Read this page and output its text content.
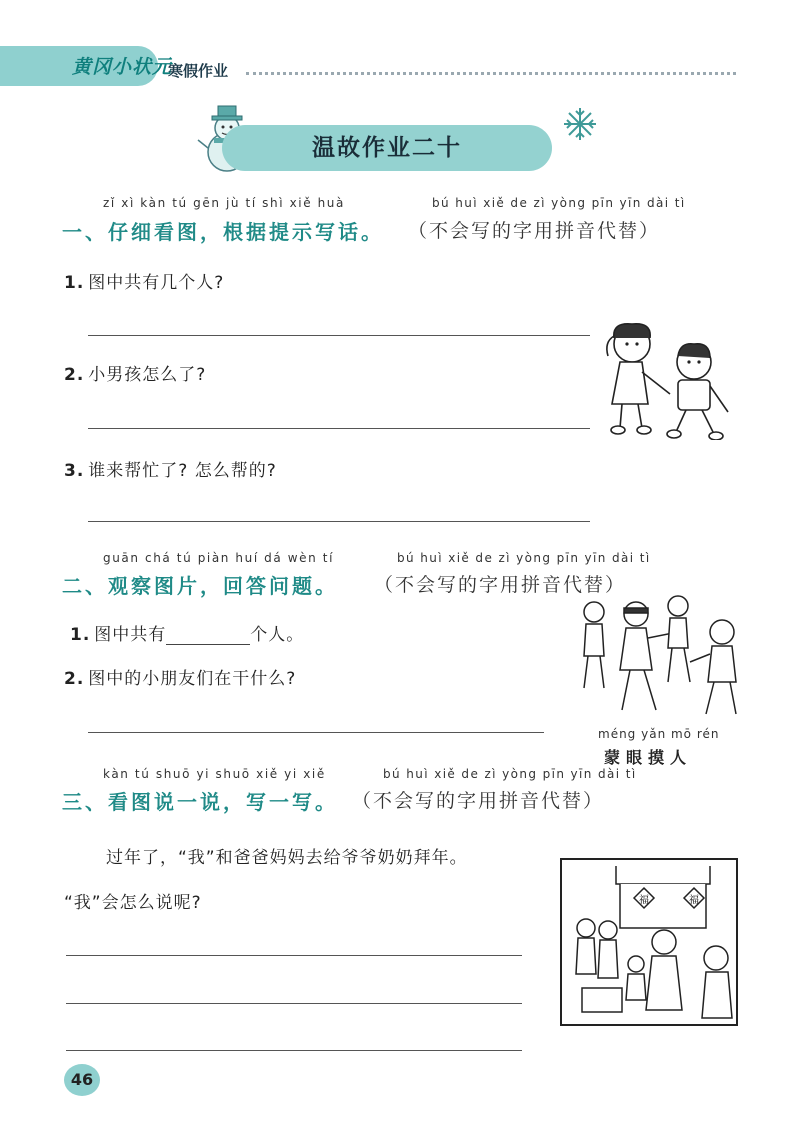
黄冈小状元
寒假作业
温故作业二十
zǐ xì kàn tú gēn jù tí shì xiě huà	bú huì xiě de zì yòng pīn yīn dài tì
一、仔细看图，根据提示写话。 （不会写的字用拼音代替）
1. 图中共有几个人?
2. 小男孩怎么了?
3. 谁来帮忙了? 怎么帮的?
guān chá tú piàn huí dá wèn tí	bú huì xiě de zì yòng pīn yīn dài tì
二、观察图片，回答问题。 （不会写的字用拼音代替）
1. 图中共有	个人。
2. 图中的小朋友们在干什么?
méng yǎn mō rén
蒙眼摸人
kàn tú shuō yi shuō xiě yi xiě	bú huì xiě de zì yòng pīn yīn dài tì
三、看图说一说，写一写。 （不会写的字用拼音代替）
过年了，“我”和爸爸妈妈去给爷爷奶奶拜年。
“我”会怎么说呢?	福	福
46
